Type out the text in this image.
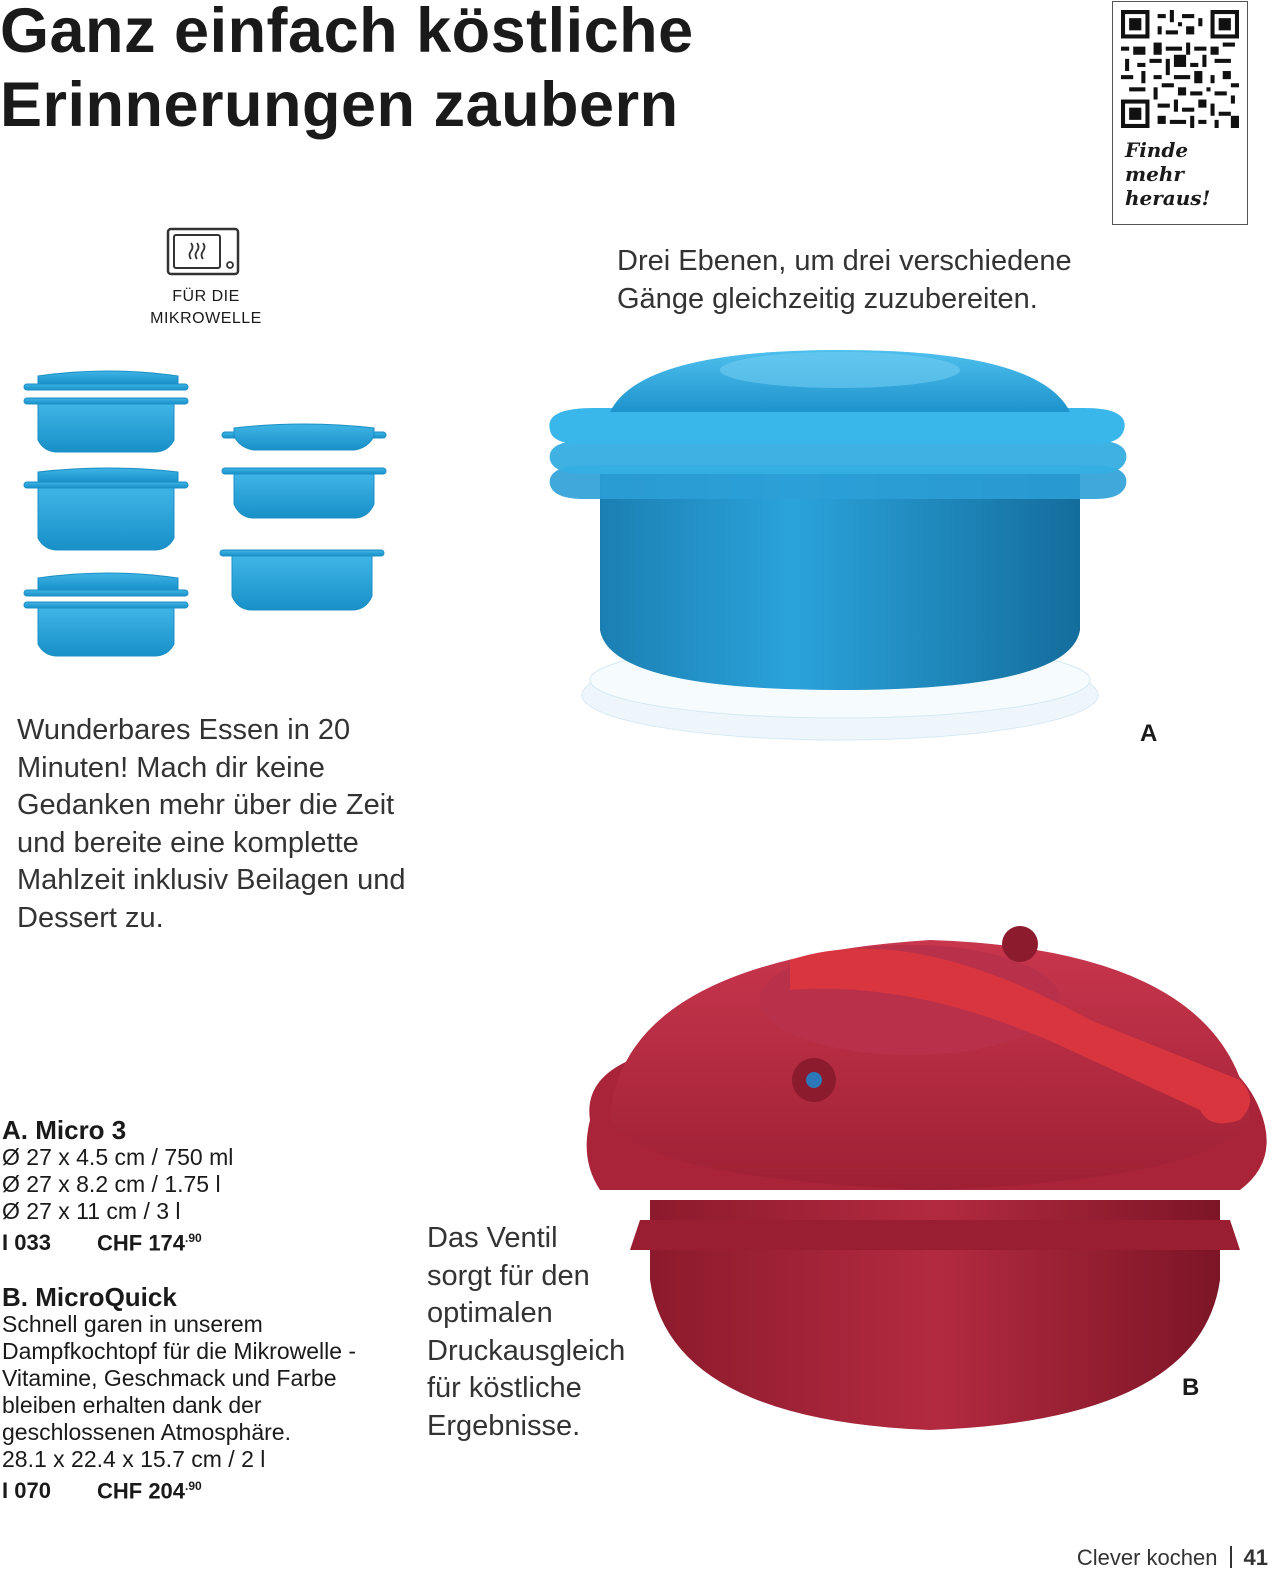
Ganz einfach köstliche
Erinnerungen zaubern
Finde
mehr
heraus!
FÜR DIE
MIKROWELLE
Drei Ebenen, um drei verschiedene
Gänge gleichzeitig zuzubereiten.
A
Wunderbares Essen in 20
Minuten! Mach dir keine
Gedanken mehr über die Zeit
und bereite eine komplette
Mahlzeit inklusiv Beilagen und
Dessert zu.
B
A. Micro 3
Ø 27 x 4.5 cm / 750 ml
Ø 27 x 8.2 cm / 1.75 l
Ø 27 x 11 cm / 3 l
I 033 CHF $174^{.90}$
B. MicroQuick
Schnell garen in unserem
Dampfkochtopf für die Mikrowelle -
Vitamine, Geschmack und Farbe
bleiben erhalten dank der
geschlossenen Atmosphäre.
28.1 x 22.4 x 15.7 cm / 2 l
I 070 CHF $204^{.90}$
Das Ventil
sorgt für den
optimalen
Druckausgleich
für köstliche
Ergebnisse.
Clever kochen 41
